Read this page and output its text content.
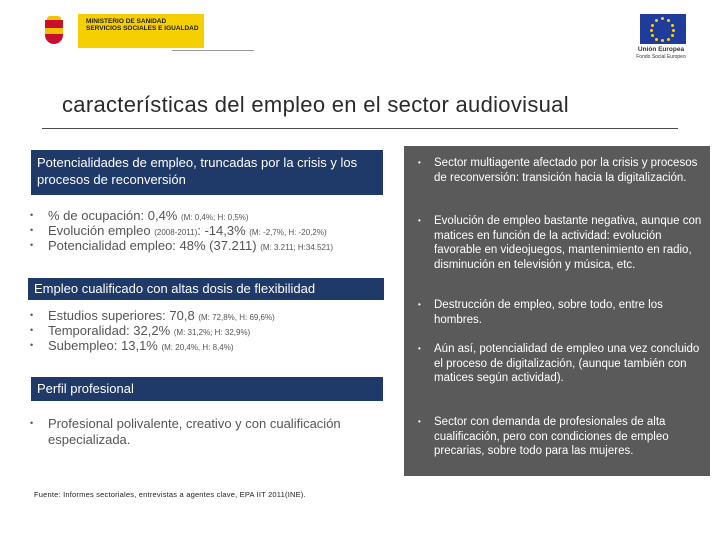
MINISTERIO DE SANIDAD SERVICIOS SOCIALES E IGUALDAD
Unión Europea
Fondo Social Europeo
características del empleo en el sector audiovisual
Potencialidades de empleo, truncadas por la crisis y los procesos de reconversión
• % de ocupación: 0,4% (M: 0,4%; H: 0,5%)
• Evolución empleo (2008-2011): -14,3% (M: -2,7%, H: -20,2%)
• Potencialidad empleo: 48% (37.211) (M: 3.211; H:34.521)
Empleo cualificado con altas dosis de flexibilidad
• Estudios superiores: 70,8 (M: 72,8%, H: 69,6%)
• Temporalidad: 32,2% (M: 31,2%; H: 32,9%)
• Subempleo: 13,1% (M: 20,4%, H: 8,4%)
Perfil profesional
• Profesional polivalente, creativo y con cualificación especializada.
Fuente: Informes sectoriales, entrevistas a agentes clave, EPA IIT 2011(INE).
• Sector multiagente afectado por la crisis y procesos de reconversión: transición hacia la digitalización.
• Evolución de empleo bastante negativa, aunque con matices en función de la actividad: evolución favorable en videojuegos, mantenimiento en radio, disminución en televisión y música, etc.
• Destrucción de empleo, sobre todo, entre los hombres.
• Aún así, potencialidad de empleo una vez concluido el proceso de digitalización, (aunque también con matices según actividad).
• Sector con demanda de profesionales de alta cualificación, pero con condiciones de empleo precarias, sobre todo para las mujeres.
